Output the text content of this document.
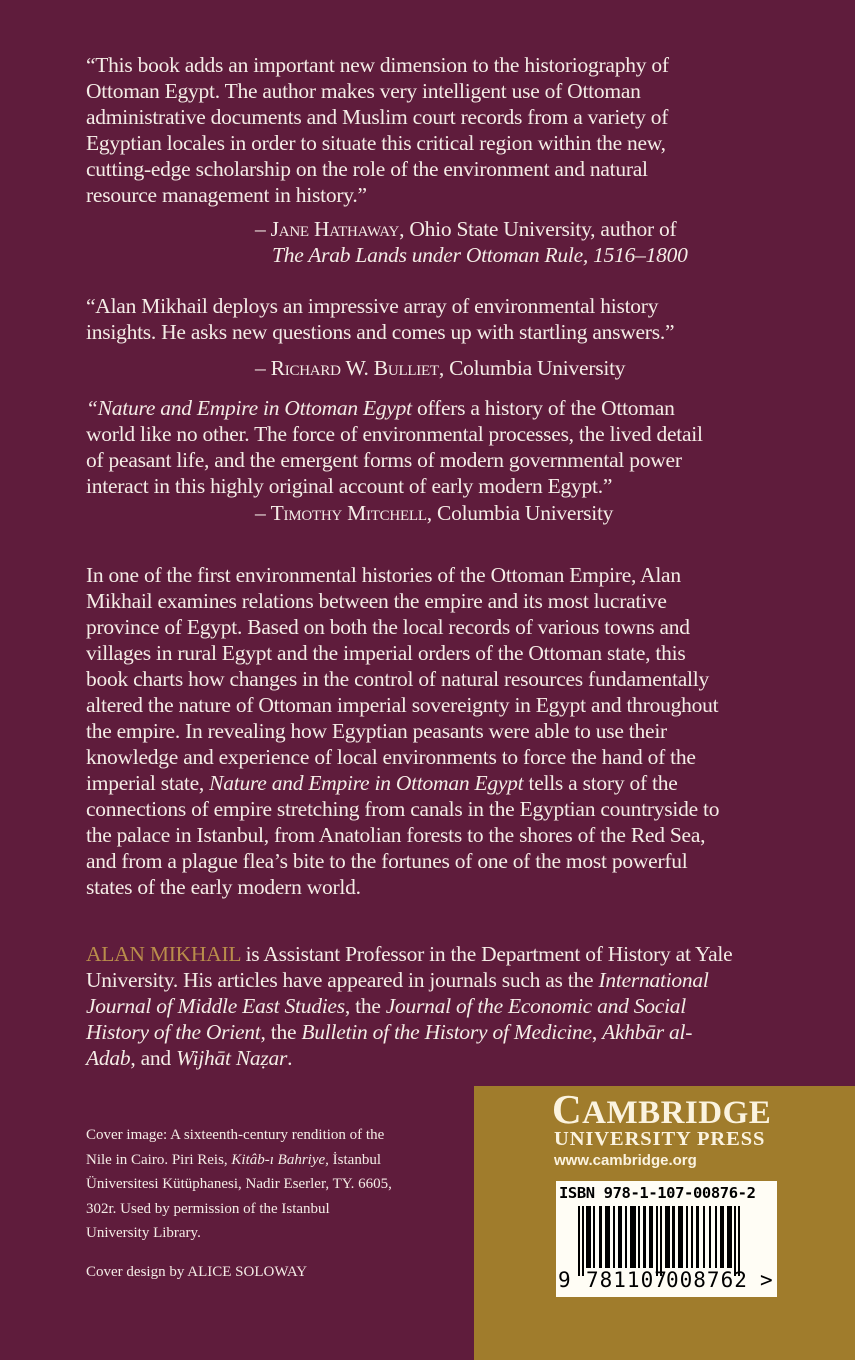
“This book adds an important new dimension to the historiography of
Ottoman Egypt. The author makes very intelligent use of Ottoman
administrative documents and Muslim court records from a variety of
Egyptian locales in order to situate this critical region within the new,
cutting-edge scholarship on the role of the environment and natural
resource management in history.”
– Jane Hathaway, Ohio State University, author of
The Arab Lands under Ottoman Rule, 1516–1800
“Alan Mikhail deploys an impressive array of environmental history
insights. He asks new questions and comes up with startling answers.”
– Richard W. Bulliet, Columbia University
“Nature and Empire in Ottoman Egypt offers a history of the Ottoman
world like no other. The force of environmental processes, the lived detail
of peasant life, and the emergent forms of modern governmental power
interact in this highly original account of early modern Egypt.”
– Timothy Mitchell, Columbia University
In one of the first environmental histories of the Ottoman Empire, Alan
Mikhail examines relations between the empire and its most lucrative
province of Egypt. Based on both the local records of various towns and
villages in rural Egypt and the imperial orders of the Ottoman state, this
book charts how changes in the control of natural resources fundamentally
altered the nature of Ottoman imperial sovereignty in Egypt and throughout
the empire. In revealing how Egyptian peasants were able to use their
knowledge and experience of local environments to force the hand of the
imperial state, Nature and Empire in Ottoman Egypt tells a story of the
connections of empire stretching from canals in the Egyptian countryside to
the palace in Istanbul, from Anatolian forests to the shores of the Red Sea,
and from a plague flea’s bite to the fortunes of one of the most powerful
states of the early modern world.
ALAN MIKHAIL is Assistant Professor in the Department of History at Yale
University. His articles have appeared in journals such as the International
Journal of Middle East Studies, the Journal of the Economic and Social
History of the Orient, the Bulletin of the History of Medicine, Akhbār al-
Adab, and Wijhāt Naẓar.
Cover image: A sixteenth-century rendition of the
Nile in Cairo. Piri Reis, Kitâb-ı Bahriye, İstanbul
Üniversitesi Kütüphanesi, Nadir Eserler, TY. 6605,
302r. Used by permission of the Istanbul
University Library.
Cover design by ALICE SOLOWAY
CAMBRIDGE
UNIVERSITY PRESS
www.cambridge.org
ISBN 978-1-107-00876-2
9 781107
008762 >
